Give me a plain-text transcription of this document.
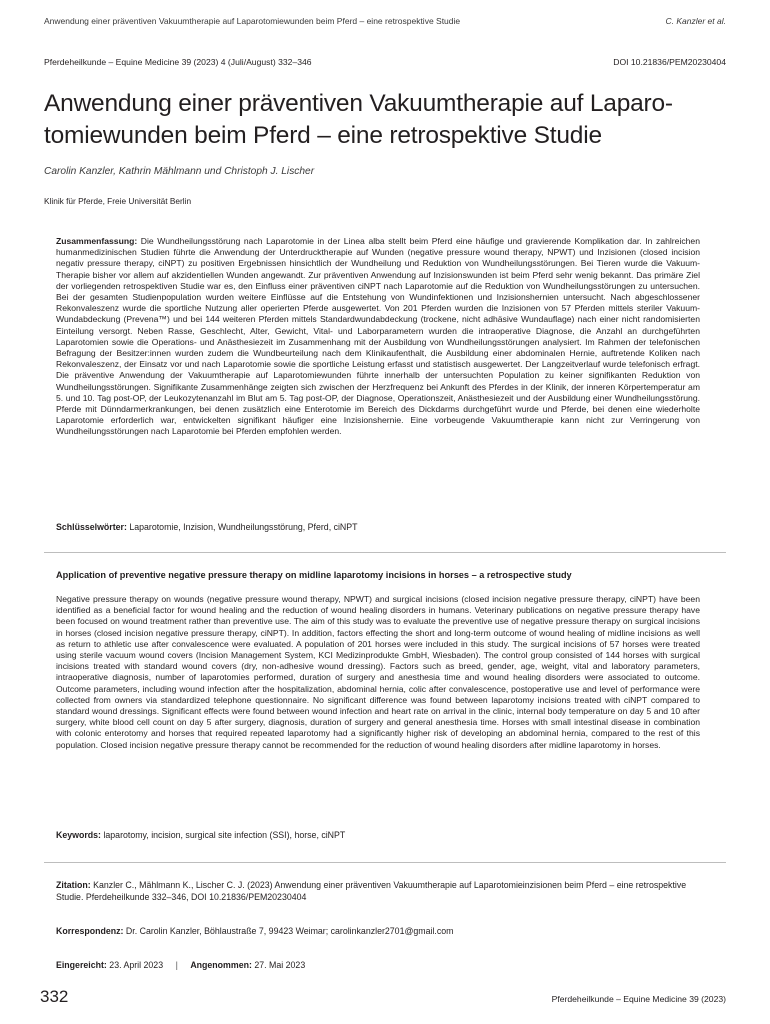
Anwendung einer präventiven Vakuumtherapie auf Laparotomiewunden beim Pferd – eine retrospektive Studie	C. Kanzler et al.
Pferdeheilkunde – Equine Medicine 39 (2023) 4 (Juli/August) 332–346	DOI 10.21836/PEM20230404
Anwendung einer präventiven Vakuumtherapie auf Laparo-
tomiewunden beim Pferd – eine retrospektive Studie
Carolin Kanzler, Kathrin Mählmann und Christoph J. Lischer
Klinik für Pferde, Freie Universität Berlin

Zusammenfassung: Die Wundheilungsstörung nach Laparotomie in der Linea alba stellt beim Pferd eine häufige und gravierende Komplikation dar. In zahlreichen humanmedizinischen Studien führte die Anwendung der Unterdrucktherapie auf Wunden (negative pressure wound therapy, NPWT) und Inzisionen (closed incision negativ pressure therapy, ciNPT) zu positiven Ergebnissen hinsichtlich der Wundheilung und Reduktion von Wundheilungsstörungen. Bei Tieren wurde die Vakuum-Therapie bisher vor allem auf akzidentiellen Wunden angewandt. Zur präventiven Anwendung auf Inzisionswunden ist beim Pferd sehr wenig bekannt. Das primäre Ziel der vorliegenden retrospektiven Studie war es, den Einfluss einer präventiven ciNPT nach Laparotomie auf die Reduktion von Wundheilungsstörungen zu untersuchen. Bei der gesamten Studienpopulation wurden weitere Einflüsse auf die Entstehung von Wundinfektionen und Inzisionshernien untersucht. Nach abgeschlossener Rekonvaleszenz wurde die sportliche Nutzung aller operierten Pferde ausgewertet. Von 201 Pferden wurden die Inzisionen von 57 Pferden mittels steriler Vakuum-Wundabdeckung (Prevena™) und bei 144 weiteren Pferden mittels Standardwundabdeckung (trockene, nicht adhäsive Wundauflage) nach einer nicht randomisierten Einteilung versorgt. Neben Rasse, Geschlecht, Alter, Gewicht, Vital- und Laborparametern wurden die intraoperative Diagnose, die Anzahl an durchgeführten Laparotomien sowie die Operations- und Anästhesiezeit im Zusammenhang mit der Ausbildung von Wundheilungsstörungen analysiert. Im Rahmen der telefonischen Befragung der Besitzer:innen wurden zudem die Wundbeurteilung nach dem Klinikaufenthalt, die Ausbildung einer abdominalen Hernie, auftretende Koliken nach Rekonvaleszenz, der Einsatz vor und nach Laparotomie sowie die sportliche Leistung erfasst und statistisch ausgewertet. Der Langzeitverlauf wurde telefonisch erfragt. Die präventive Anwendung der Vakuumtherapie auf Laparotomiewunden führte innerhalb der untersuchten Population zu keiner signifikanten Reduktion von Wundheilungsstörungen. Signifikante Zusammenhänge zeigten sich zwischen der Herzfrequenz bei Ankunft des Pferdes in der Klinik, der inneren Körpertemperatur am 5. und 10. Tag post-OP, der Leukozytenanzahl im Blut am 5. Tag post-OP, der Diagnose, Operationszeit, Anästhesiezeit und der Ausbildung einer Wundheilungsstörung. Pferde mit Dünndarmerkrankungen, bei denen zusätzlich eine Enterotomie im Bereich des Dickdarms durchgeführt wurde und Pferde, bei denen eine wiederholte Laparotomie erforderlich war, entwickelten signifikant häufiger eine Inzisionshernie. Eine vorbeugende Vakuumtherapie kann nicht zur Verringerung von Wundheilungsstörungen nach Laparotomie bei Pferden empfohlen werden.

Schlüsselwörter: Laparotomie, Inzision, Wundheilungsstörung, Pferd, ciNPT
Application of preventive negative pressure therapy on midline laparotomy incisions in horses – a retrospective study

Negative pressure therapy on wounds (negative pressure wound therapy, NPWT) and surgical incisions (closed incision negative pressure therapy, ciNPT) have been identified as a beneficial factor for wound healing and the reduction of wound healing disorders in humans. Veterinary publications on negative pressure therapy have been focused on wound treatment rather than preventive use. The aim of this study was to evaluate the preventive use of negative pressure therapy on surgical incisions in horses (closed incision negative pressure therapy, ciNPT). In addition, factors effecting the short and long-term outcome of wound healing of midline incisions as well as return to athletic use after convalescence were evaluated. A population of 201 horses were included in this study. The surgical incisions of 57 horses were treated using sterile vacuum wound covers (Incision Management System, KCI Medizinprodukte GmbH, Wiesbaden). The control group consisted of 144 horses with surgical incisions treated with standard wound covers (dry, non-adhesive wound dressing). Factors such as breed, gender, age, weight, vital and laboratory parameters, intraoperative diagnosis, number of laparotomies performed, duration of surgery and anesthesia time and wound healing disorders were associated to outcome. Outcome parameters, including wound infection after the hospitalization, abdominal hernia, colic after convalescence, postoperative use and level of performance were collected from owners via standardized telephone questionnaire. No significant difference was found between laparotomy incisions treated with ciNPT compared to standard wound dressings. Significant effects were found between wound infection and heart rate on arrival in the clinic, internal body temperature on day 5 and 10 after surgery, white blood cell count on day 5 after surgery, diagnosis, duration of surgery and general anesthesia time. Horses with small intestinal disease in combination with colonic enterotomy and horses that required repeated laparotomy had a significantly higher risk of developing an abdominal hernia, compared to the rest of this population. Closed incision negative pressure therapy cannot be recommended for the reduction of wound healing disorders after midline laparotomy in horses.

Keywords: laparotomy, incision, surgical site infection (SSI), horse, ciNPT
Zitation: Kanzler C., Mählmann K., Lischer C. J. (2023) Anwendung einer präventiven Vakuumtherapie auf Laparotomieinzisionen beim Pferd – eine retrospektive Studie. Pferdeheilkunde 332–346, DOI 10.21836/PEM20230404
Korrespondenz: Dr. Carolin Kanzler, Böhlaustraße 7, 99423 Weimar; carolinkanzler2701@gmail.com
Eingereicht: 23. April 2023 | Angenommen: 27. Mai 2023
332	Pferdeheilkunde – Equine Medicine 39 (2023)
